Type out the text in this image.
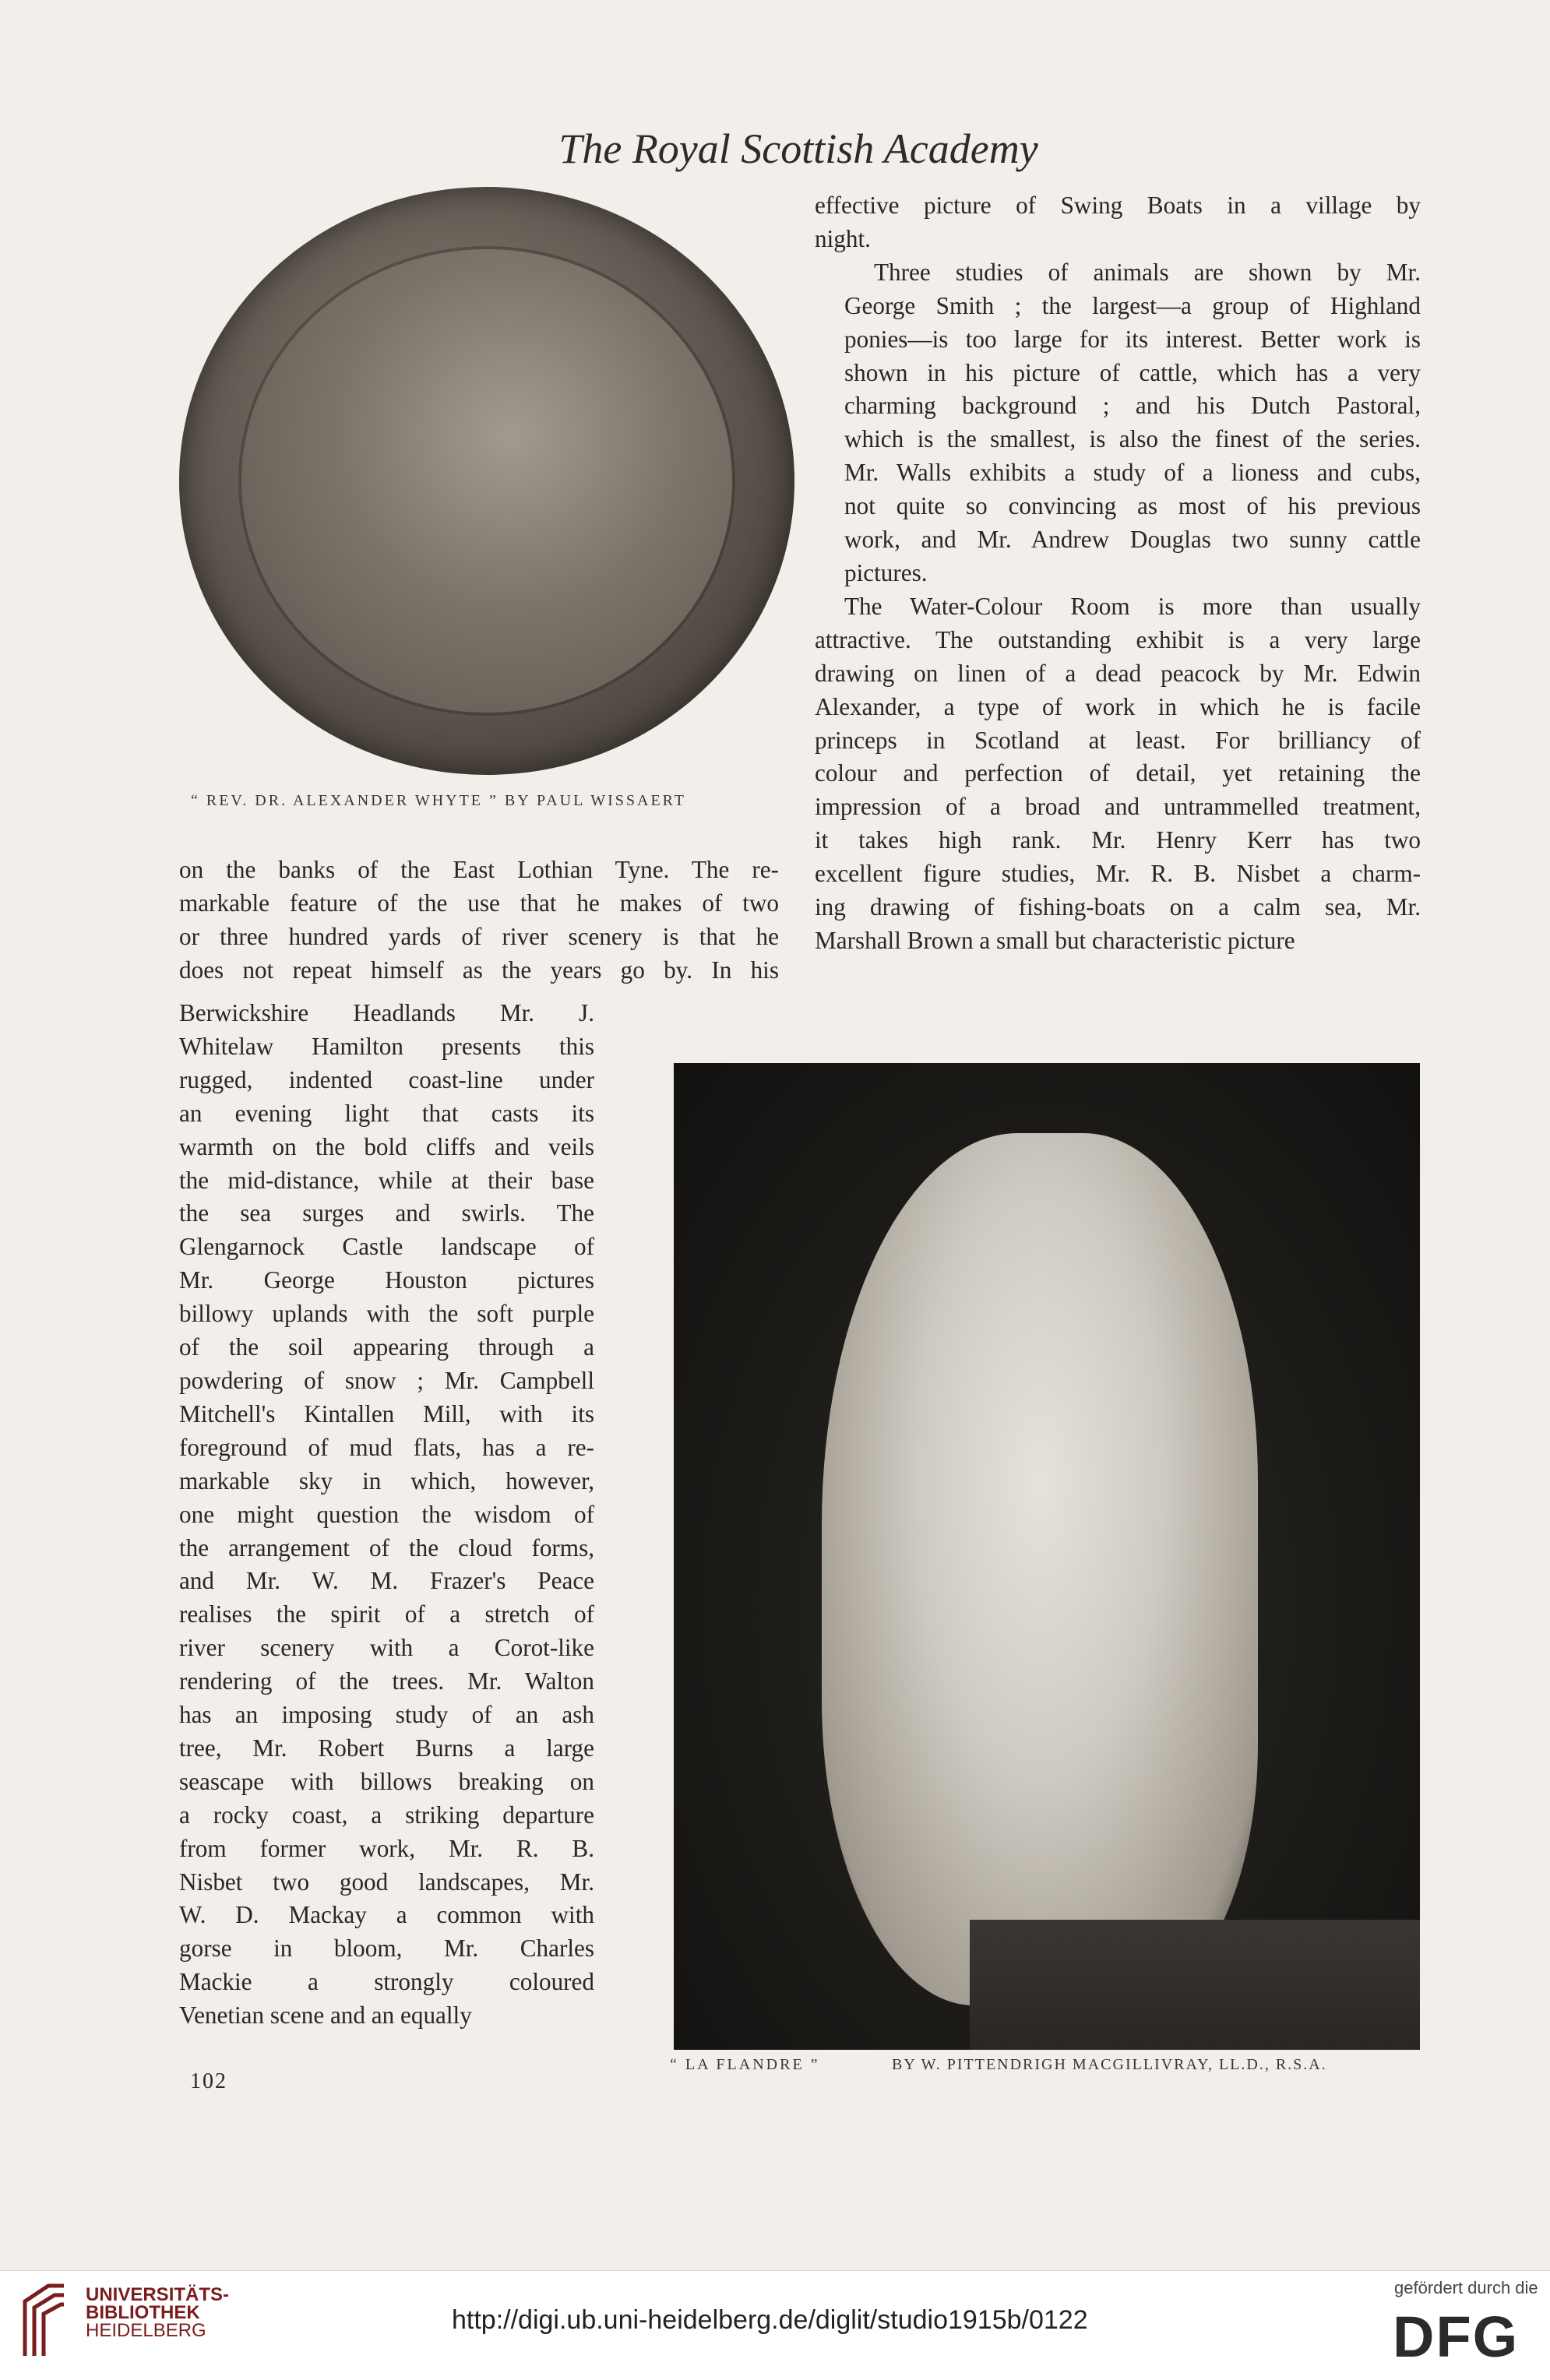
The Royal Scottish Academy
“ REV. DR. ALEXANDER WHYTE ” BY PAUL WISSAERT

effective picture of Swing Boats in a village by
night.

Three studies of animals are shown by Mr.
George Smith ; the largest—a group of Highland
ponies—is too large for its interest. Better work is
shown in his picture of cattle, which has a very
charming background ; and his Dutch Pastoral,
which is the smallest, is also the finest of the series.
Mr. Walls exhibits a study of a lioness and cubs,
not quite so convincing as most of his previous
work, and Mr. Andrew Douglas two sunny cattle
pictures.

The Water-Colour Room is more than usually
attractive. The outstanding exhibit is a very large
drawing on linen of a dead peacock by Mr. Edwin
Alexander, a type of work in which he is facile
princeps in Scotland at least. For brilliancy of
colour and perfection of detail, yet retaining the
impression of a broad and untrammelled treatment,
it takes high rank. Mr. Henry Kerr has two
excellent figure studies, Mr. R. B. Nisbet a charm-
ing drawing of fishing-boats on a calm sea, Mr.
Marshall Brown a small but characteristic picture

on the banks of the East Lothian Tyne. The re-
markable feature of the use that he makes of two
or three hundred yards of river scenery is that he
does not repeat himself as the years go by. In his
Berwickshire Headlands Mr. J.
Whitelaw Hamilton presents this
rugged, indented coast-line under
an evening light that casts its
warmth on the bold cliffs and veils
the mid-distance, while at their base
the sea surges and swirls. The
Glengarnock Castle landscape of
Mr. George Houston pictures
billowy uplands with the soft purple
of the soil appearing through a
powdering of snow ; Mr. Campbell
Mitchell's Kintallen Mill, with its
foreground of mud flats, has a re-
markable sky in which, however,
one might question the wisdom of
the arrangement of the cloud forms,
and Mr. W. M. Frazer's Peace
realises the spirit of a stretch of
river scenery with a Corot-like
rendering of the trees. Mr. Walton
has an imposing study of an ash
tree, Mr. Robert Burns a large
seascape with billows breaking on
a rocky coast, a striking departure
from former work, Mr. R. B.
Nisbet two good landscapes, Mr.
W. D. Mackay a common with
gorse in bloom, Mr. Charles
Mackie a strongly coloured
Venetian scene and an equally
“ LA FLANDRE ”	BY W. PITTENDRIGH MACGILLIVRAY, LL.D., R.S.A.
102
UNIVERSITÄTS-
BIBLIOTHEK
HEIDELBERG	http://digi.ub.uni-heidelberg.de/diglit/studio1915b/0122
gefördert durch die
DFG
